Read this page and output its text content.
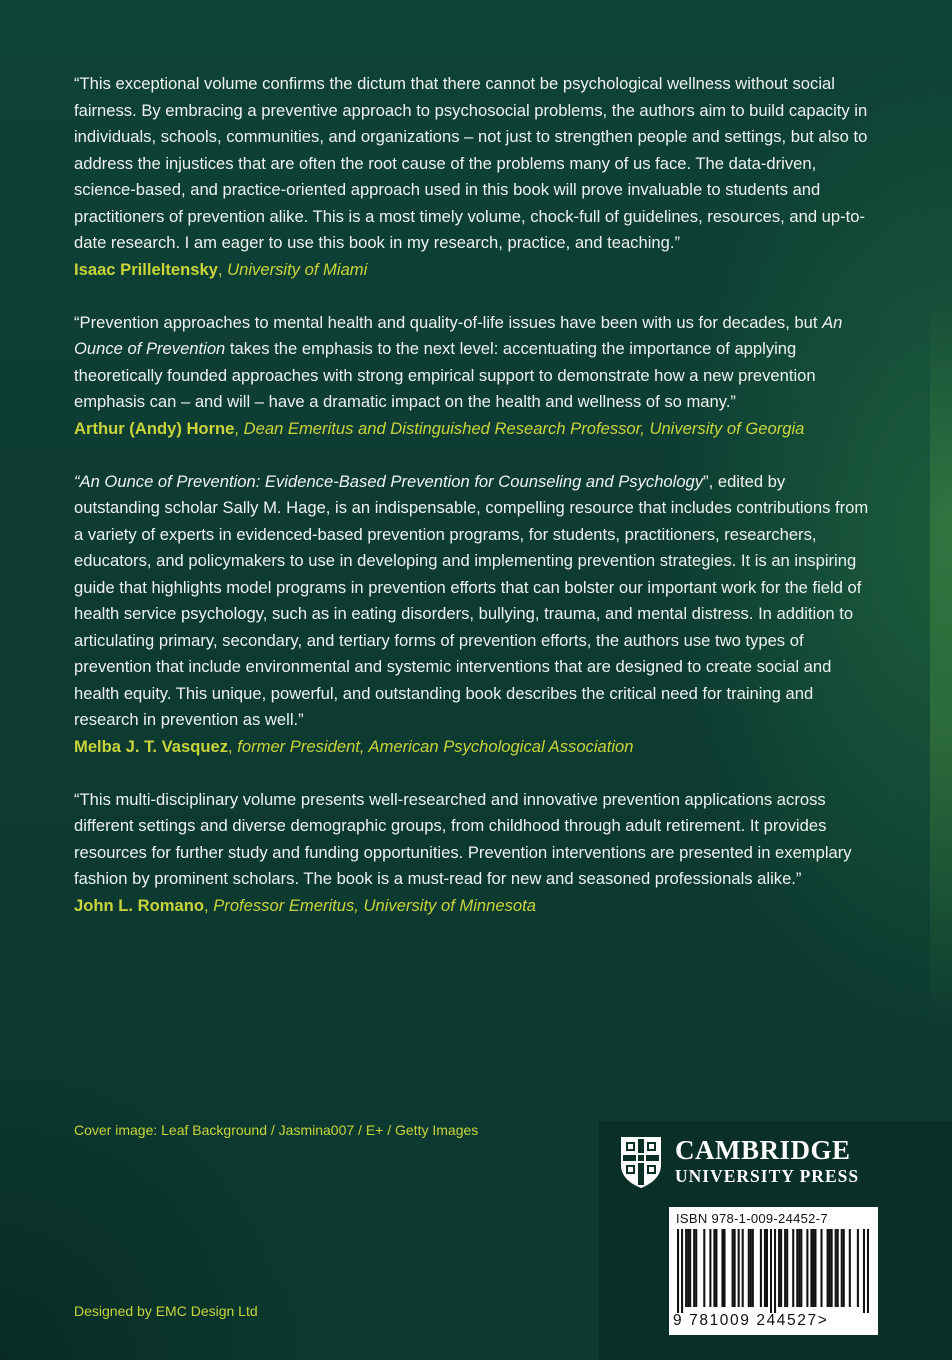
“This exceptional volume confirms the dictum that there cannot be psychological wellness without social fairness. By embracing a preventive approach to psychosocial problems, the authors aim to build capacity in individuals, schools, communities, and organizations – not just to strengthen people and settings, but also to address the injustices that are often the root cause of the problems many of us face. The data-driven, science-based, and practice-oriented approach used in this book will prove invaluable to students and practitioners of prevention alike. This is a most timely volume, chock-full of guidelines, resources, and up-to-date research. I am eager to use this book in my research, practice, and teaching.”

Isaac Prilleltensky, University of Miami

“Prevention approaches to mental health and quality-of-life issues have been with us for decades, but An Ounce of Prevention takes the emphasis to the next level: accentuating the importance of applying theoretically founded approaches with strong empirical support to demonstrate how a new prevention emphasis can – and will – have a dramatic impact on the health and wellness of so many.”

Arthur (Andy) Horne, Dean Emeritus and Distinguished Research Professor, University of Georgia

“An Ounce of Prevention: Evidence-Based Prevention for Counseling and Psychology”, edited by outstanding scholar Sally M. Hage, is an indispensable, compelling resource that includes contributions from a variety of experts in evidenced-based prevention programs, for students, practitioners, researchers, educators, and policymakers to use in developing and implementing prevention strategies. It is an inspiring guide that highlights model programs in prevention efforts that can bolster our important work for the field of health service psychology, such as in eating disorders, bullying, trauma, and mental distress. In addition to articulating primary, secondary, and tertiary forms of prevention efforts, the authors use two types of prevention that include environmental and systemic interventions that are designed to create social and health equity. This unique, powerful, and outstanding book describes the critical need for training and research in prevention as well.”

Melba J. T. Vasquez, former President, American Psychological Association

“This multi-disciplinary volume presents well-researched and innovative prevention applications across different settings and diverse demographic groups, from childhood through adult retirement. It provides resources for further study and funding opportunities. Prevention interventions are presented in exemplary fashion by prominent scholars. The book is a must-read for new and seasoned professionals alike.”

John L. Romano, Professor Emeritus, University of Minnesota

Cover image: Leaf Background / Jasmina007 / E+ / Getty Images
Designed by EMC Design Ltd
CAMBRIDGE
UNIVERSITY PRESS
ISBN 978-1-009-24452-7
9 781009 244527>
